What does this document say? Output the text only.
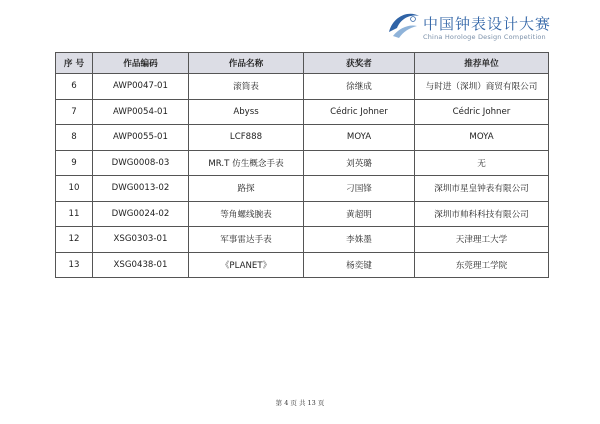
中国钟表设计大赛
China Horologe Design Competition
序 号	作品编码	作品名称	获奖者	推荐单位
6	AWP0047-01	滚筒表	徐继成	与时进（深圳）商贸有限公司
7	AWP0054-01	Abyss	Cédric Johner	Cédric Johner
8	AWP0055-01	LCF888	MOYA	MOYA
9	DWG0008-03	MR.T 仿生概念手表	刘英璐	无
10	DWG0013-02	路探	刁国锋	深圳市星皇钟表有限公司
11	DWG0024-02	等角螺线腕表	黄超明	深圳市帅科科技有限公司
12	XSG0303-01	军事雷达手表	李姝墨	天津理工大学
13	XSG0438-01	《PLANET》	杨奕键	东莞理工学院
第 4 页 共 13 页
